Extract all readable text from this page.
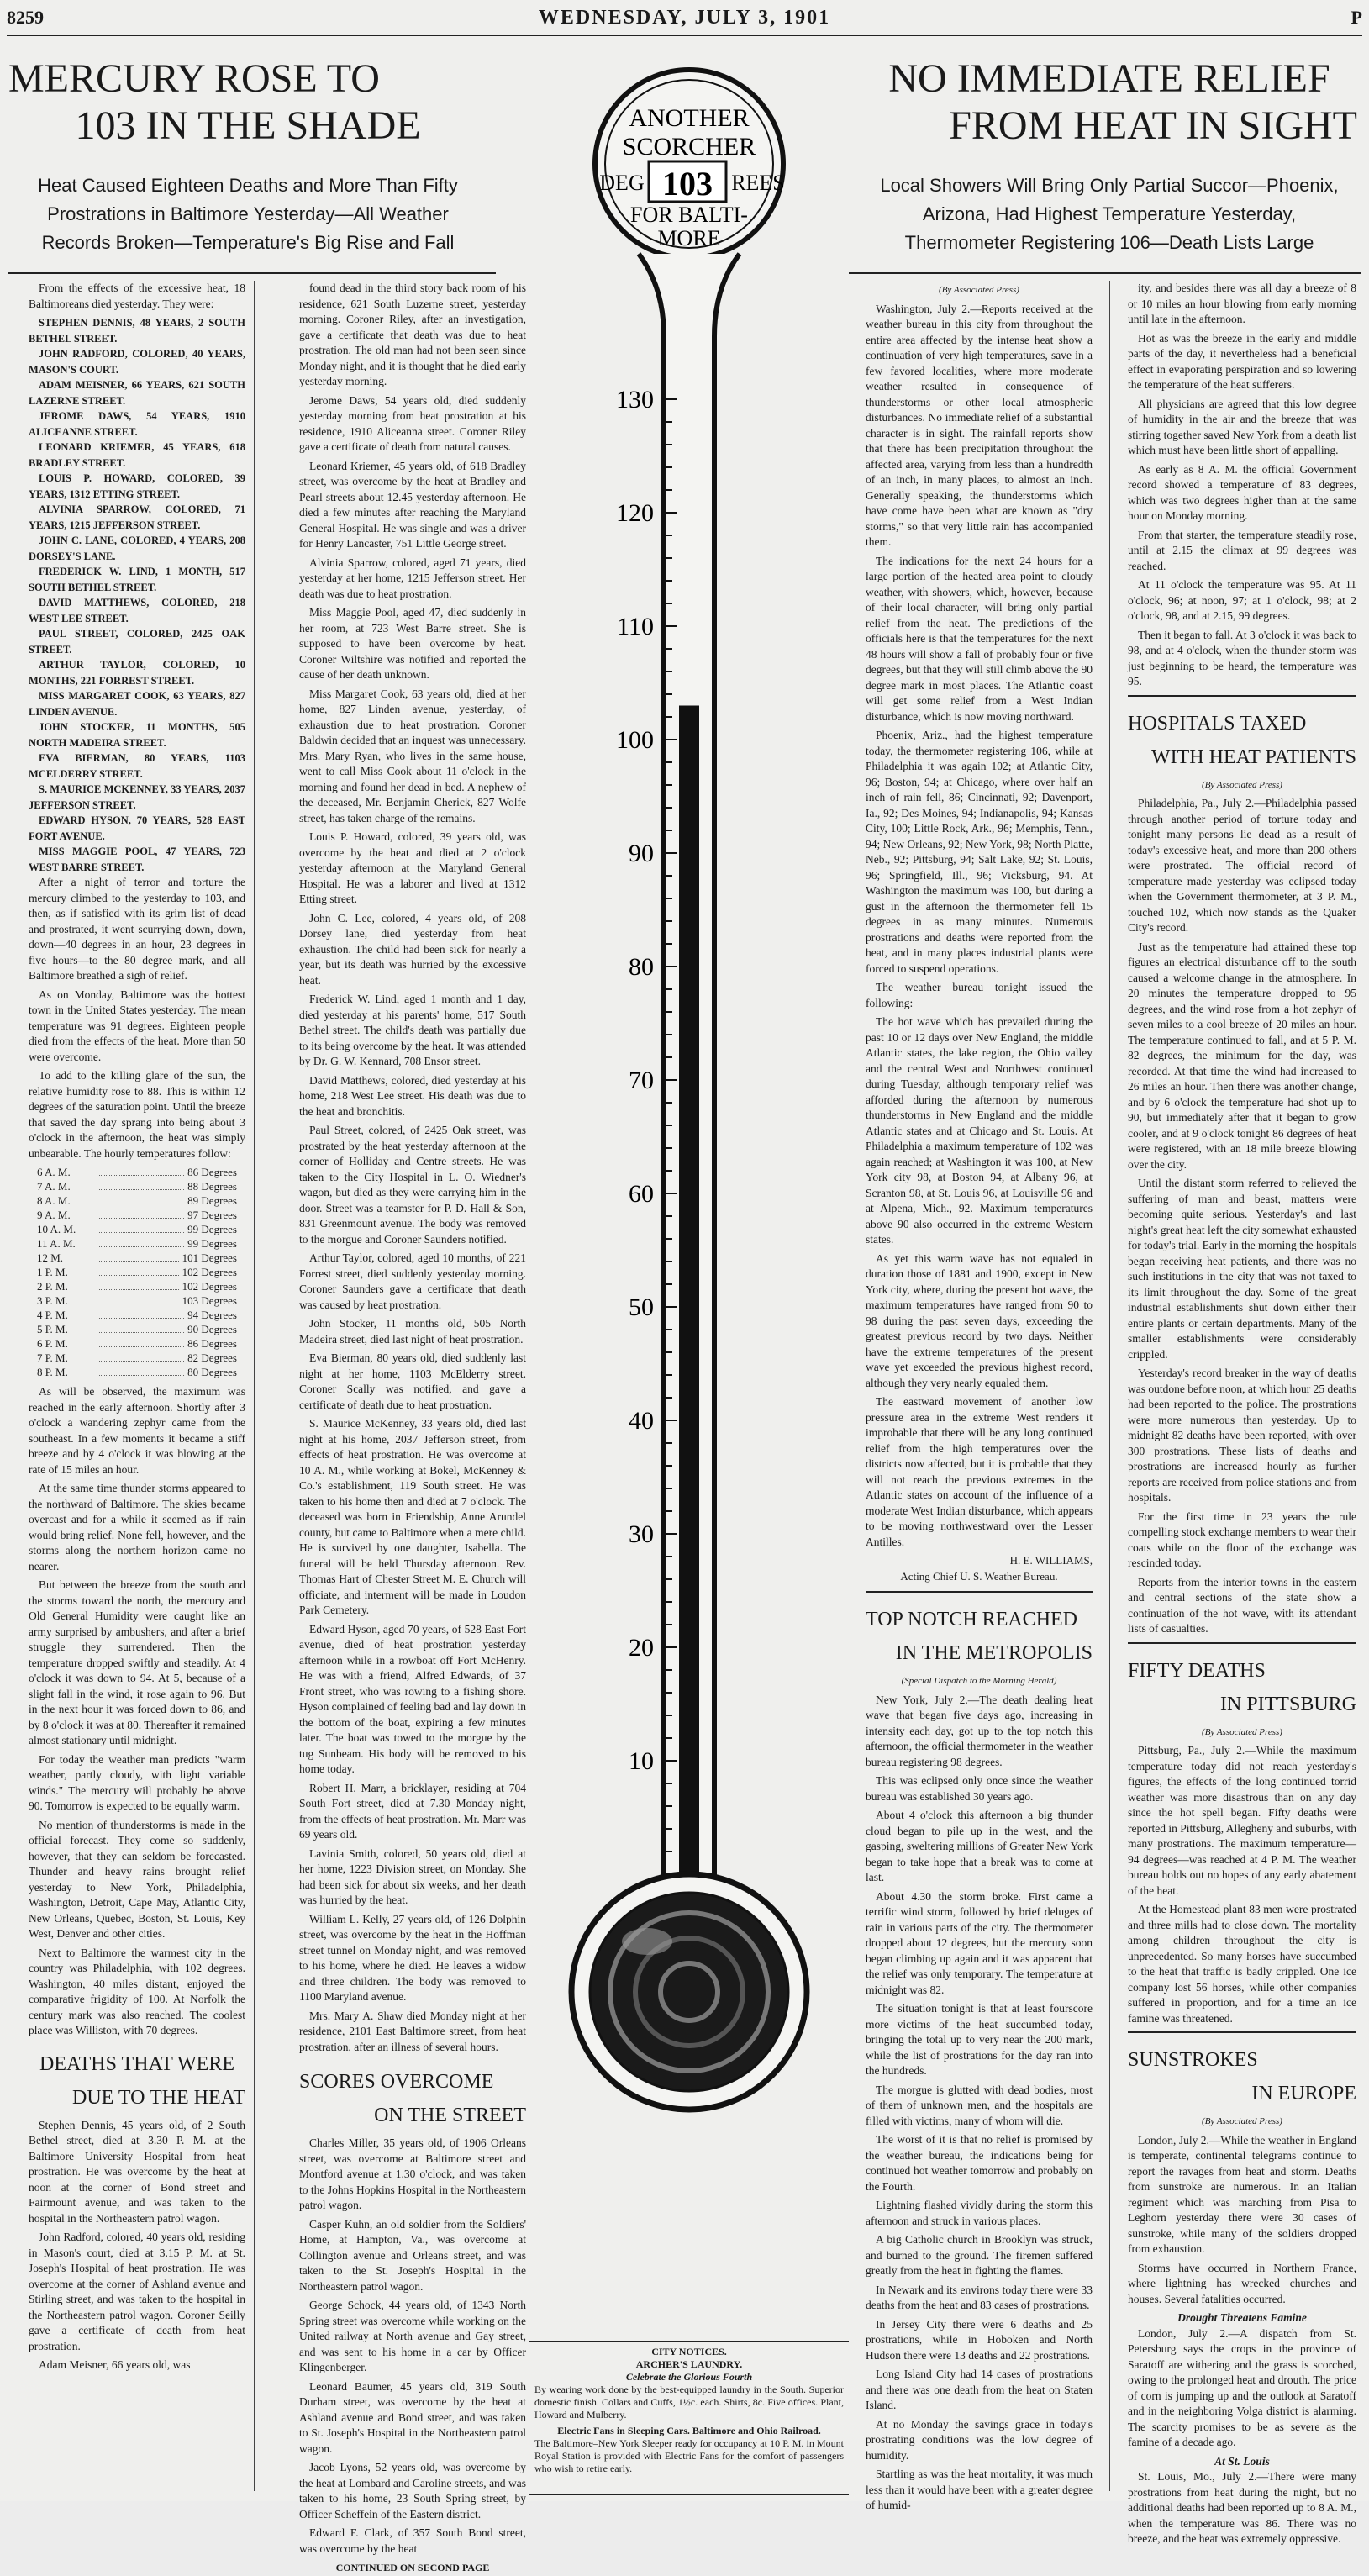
8259	WEDNESDAY, JULY 3, 1901	P
MERCURY ROSE TO
103 IN THE SHADE
Heat Caused Eighteen Deaths and More Than Fifty Prostrations in Baltimore Yesterday—All Weather Records Broken—Temperature's Big Rise and Fall
NO IMMEDIATE RELIEF
FROM HEAT IN SIGHT
Local Showers Will Bring Only Partial Succor—Phoenix, Arizona, Had Highest Temperature Yesterday, Thermometer Registering 106—Death Lists Large

From the effects of the excessive heat, 18 Baltimoreans died yesterday. They were:

STEPHEN DENNIS, 48 YEARS, 2 SOUTH BETHEL STREET.

JOHN RADFORD, COLORED, 40 YEARS, MASON'S COURT.

ADAM MEISNER, 66 YEARS, 621 SOUTH LAZERNE STREET.

JEROME DAWS, 54 YEARS, 1910 ALICEANNE STREET.

LEONARD KRIEMER, 45 YEARS, 618 BRADLEY STREET.

LOUIS P. HOWARD, COLORED, 39 YEARS, 1312 ETTING STREET.

ALVINIA SPARROW, COLORED, 71 YEARS, 1215 JEFFERSON STREET.

JOHN C. LANE, COLORED, 4 YEARS, 208 DORSEY'S LANE.

FREDERICK W. LIND, 1 MONTH, 517 SOUTH BETHEL STREET.

DAVID MATTHEWS, COLORED, 218 WEST LEE STREET.

PAUL STREET, COLORED, 2425 OAK STREET.

ARTHUR TAYLOR, COLORED, 10 MONTHS, 221 FORREST STREET.

MISS MARGARET COOK, 63 YEARS, 827 LINDEN AVENUE.

JOHN STOCKER, 11 MONTHS, 505 NORTH MADEIRA STREET.

EVA BIERMAN, 80 YEARS, 1103 MCELDERRY STREET.

S. MAURICE MCKENNEY, 33 YEARS, 2037 JEFFERSON STREET.

EDWARD HYSON, 70 YEARS, 528 EAST FORT AVENUE.

MISS MAGGIE POOL, 47 YEARS, 723 WEST BARRE STREET.

After a night of terror and torture the mercury climbed to the yesterday to 103, and then, as if satisfied with its grim list of dead and prostrated, it went scurrying down, down, down—40 degrees in an hour, 23 degrees in five hours—to the 80 degree mark, and all Baltimore breathed a sigh of relief.

As on Monday, Baltimore was the hottest town in the United States yesterday. The mean temperature was 91 degrees. Eighteen people died from the effects of the heat. More than 50 were overcome.

To add to the killing glare of the sun, the relative humidity rose to 88. This is within 12 degrees of the saturation point. Until the breeze that saved the day sprang into being about 3 o'clock in the afternoon, the heat was simply unbearable. The hourly temperatures follow:

6 A. M.	86 Degrees
7 A. M.	88 Degrees
8 A. M.	89 Degrees
9 A. M.	97 Degrees
10 A. M.	99 Degrees
11 A. M.	99 Degrees
12 M.	101 Degrees
1 P. M.	102 Degrees
2 P. M.	102 Degrees
3 P. M.	103 Degrees
4 P. M.	94 Degrees
5 P. M.	90 Degrees
6 P. M.	86 Degrees
7 P. M.	82 Degrees
8 P. M.	80 Degrees

As will be observed, the maximum was reached in the early afternoon. Shortly after 3 o'clock a wandering zephyr came from the southeast. In a few moments it became a stiff breeze and by 4 o'clock it was blowing at the rate of 15 miles an hour.

At the same time thunder storms appeared to the northward of Baltimore. The skies became overcast and for a while it seemed as if rain would bring relief. None fell, however, and the storms along the northern horizon came no nearer.

But between the breeze from the south and the storms toward the north, the mercury and Old General Humidity were caught like an army surprised by ambushers, and after a brief struggle they surrendered. Then the temperature dropped swiftly and steadily. At 4 o'clock it was down to 94. At 5, because of a slight fall in the wind, it rose again to 96. But in the next hour it was forced down to 86, and by 8 o'clock it was at 80. Thereafter it remained almost stationary until midnight.

For today the weather man predicts "warm weather, partly cloudy, with light variable winds." The mercury will probably be above 90. Tomorrow is expected to be equally warm.

No mention of thunderstorms is made in the official forecast. They come so suddenly, however, that they can seldom be forecasted. Thunder and heavy rains brought relief yesterday to New York, Philadelphia, Washington, Detroit, Cape May, Atlantic City, New Orleans, Quebec, Boston, St. Louis, Key West, Denver and other cities.

Next to Baltimore the warmest city in the country was Philadelphia, with 102 degrees. Washington, 40 miles distant, enjoyed the comparative frigidity of 100. At Norfolk the century mark was also reached. The coolest place was Williston, with 70 degrees.

DEATHS THAT WERE
DUE TO THE HEAT

Stephen Dennis, 45 years old, of 2 South Bethel street, died at 3.30 P. M. at the Baltimore University Hospital from heat prostration. He was overcome by the heat at noon at the corner of Bond street and Fairmount avenue, and was taken to the hospital in the Northeastern patrol wagon.

John Radford, colored, 40 years old, residing in Mason's court, died at 3.15 P. M. at St. Joseph's Hospital of heat prostration. He was overcome at the corner of Ashland avenue and Stirling street, and was taken to the hospital in the Northeastern patrol wagon. Coroner Seilly gave a certificate of death from heat prostration.

Adam Meisner, 66 years old, was

found dead in the third story back room of his residence, 621 South Luzerne street, yesterday morning. Coroner Riley, after an investigation, gave a certificate that death was due to heat prostration. The old man had not been seen since Monday night, and it is thought that he died early yesterday morning.

Jerome Daws, 54 years old, died suddenly yesterday morning from heat prostration at his residence, 1910 Aliceanna street. Coroner Riley gave a certificate of death from natural causes.

Leonard Kriemer, 45 years old, of 618 Bradley street, was overcome by the heat at Bradley and Pearl streets about 12.45 yesterday afternoon. He died a few minutes after reaching the Maryland General Hospital. He was single and was a driver for Henry Lancaster, 751 Little George street.

Alvinia Sparrow, colored, aged 71 years, died yesterday at her home, 1215 Jefferson street. Her death was due to heat prostration.

Miss Maggie Pool, aged 47, died suddenly in her room, at 723 West Barre street. She is supposed to have been overcome by heat. Coroner Wiltshire was notified and reported the cause of her death unknown.

Miss Margaret Cook, 63 years old, died at her home, 827 Linden avenue, yesterday, of exhaustion due to heat prostration. Coroner Baldwin decided that an inquest was unnecessary. Mrs. Mary Ryan, who lives in the same house, went to call Miss Cook about 11 o'clock in the morning and found her dead in bed. A nephew of the deceased, Mr. Benjamin Cherick, 827 Wolfe street, has taken charge of the remains.

Louis P. Howard, colored, 39 years old, was overcome by the heat and died at 2 o'clock yesterday afternoon at the Maryland General Hospital. He was a laborer and lived at 1312 Etting street.

John C. Lee, colored, 4 years old, of 208 Dorsey lane, died yesterday from heat exhaustion. The child had been sick for nearly a year, but its death was hurried by the excessive heat.

Frederick W. Lind, aged 1 month and 1 day, died yesterday at his parents' home, 517 South Bethel street. The child's death was partially due to its being overcome by the heat. It was attended by Dr. G. W. Kennard, 708 Ensor street.

David Matthews, colored, died yesterday at his home, 218 West Lee street. His death was due to the heat and bronchitis.

Paul Street, colored, of 2425 Oak street, was prostrated by the heat yesterday afternoon at the corner of Holliday and Centre streets. He was taken to the City Hospital in L. O. Wiedner's wagon, but died as they were carrying him in the door. Street was a teamster for P. D. Hall & Son, 831 Greenmount avenue. The body was removed to the morgue and Coroner Saunders notified.

Arthur Taylor, colored, aged 10 months, of 221 Forrest street, died suddenly yesterday morning. Coroner Saunders gave a certificate that death was caused by heat prostration.

John Stocker, 11 months old, 505 North Madeira street, died last night of heat prostration.

Eva Bierman, 80 years old, died suddenly last night at her home, 1103 McElderry street. Coroner Scally was notified, and gave a certificate of death due to heat prostration.

S. Maurice McKenney, 33 years old, died last night at his home, 2037 Jefferson street, from effects of heat prostration. He was overcome at 10 A. M., while working at Bokel, McKenney & Co.'s establishment, 119 South street. He was taken to his home then and died at 7 o'clock. The deceased was born in Friendship, Anne Arundel county, but came to Baltimore when a mere child. He is survived by one daughter, Isabella. The funeral will be held Thursday afternoon. Rev. Thomas Hart of Chester Street M. E. Church will officiate, and interment will be made in Loudon Park Cemetery.

Edward Hyson, aged 70 years, of 528 East Fort avenue, died of heat prostration yesterday afternoon while in a rowboat off Fort McHenry. He was with a friend, Alfred Edwards, of 37 Front street, who was rowing to a fishing shore. Hyson complained of feeling bad and lay down in the bottom of the boat, expiring a few minutes later. The boat was towed to the morgue by the tug Sunbeam. His body will be removed to his home today.

Robert H. Marr, a bricklayer, residing at 704 South Fort street, died at 7.30 Monday night, from the effects of heat prostration. Mr. Marr was 69 years old.

Lavinia Smith, colored, 50 years old, died at her home, 1223 Division street, on Monday. She had been sick for about six weeks, and her death was hurried by the heat.

William L. Kelly, 27 years old, of 126 Dolphin street, was overcome by the heat in the Hoffman street tunnel on Monday night, and was removed to his home, where he died. He leaves a widow and three children. The body was removed to 1100 Maryland avenue.

Mrs. Mary A. Shaw died Monday night at her residence, 2101 East Baltimore street, from heat prostration, after an illness of several hours.

SCORES OVERCOME
ON THE STREET

Charles Miller, 35 years old, of 1906 Orleans street, was overcome at Baltimore street and Montford avenue at 1.30 o'clock, and was taken to the Johns Hopkins Hospital in the Northeastern patrol wagon.

Casper Kuhn, an old soldier from the Soldiers' Home, at Hampton, Va., was overcome at Collington avenue and Orleans street, and was taken to the St. Joseph's Hospital in the Northeastern patrol wagon.

George Schock, 44 years old, of 1343 North Spring street was overcome while working on the United railway at North avenue and Gay street, and was sent to his home in a car by Officer Klingenberger.

Leonard Baumer, 45 years old, 319 South Durham street, was overcome by the heat at Ashland avenue and Bond street, and was taken to St. Joseph's Hospital in the Northeastern patrol wagon.

Jacob Lyons, 52 years old, was overcome by the heat at Lombard and Caroline streets, and was taken to his home, 23 South Spring street, by Officer Scheffein of the Eastern district.

Edward F. Clark, of 357 South Bond street, was overcome by the heat

CONTINUED ON SECOND PAGE
ANOTHER
SCORCHER
DEG 103 REES
FOR BALTI-
MORE
130
120
110
100
90
80
70
60
50
40
30
20
10
CITY NOTICES.
ARCHER'S LAUNDRY.
Celebrate the Glorious Fourth
By wearing work done by the best-equipped laundry in the South. Superior domestic finish. Collars and Cuffs, 1½c. each. Shirts, 8c. Five offices. Plant, Howard and Mulberry.
Electric Fans in Sleeping Cars. Baltimore and Ohio Railroad.
The Baltimore–New York Sleeper ready for occupancy at 10 P. M. in Mount Royal Station is provided with Electric Fans for the comfort of passengers who wish to retire early.
(By Associated Press)

Washington, July 2.—Reports received at the weather bureau in this city from throughout the entire area affected by the intense heat show a continuation of very high temperatures, save in a few favored localities, where more moderate weather resulted in consequence of thunderstorms or other local atmospheric disturbances. No immediate relief of a substantial character is in sight. The rainfall reports show that there has been precipitation throughout the affected area, varying from less than a hundredth of an inch, in many places, to almost an inch. Generally speaking, the thunderstorms which have come have been what are known as "dry storms," so that very little rain has accompanied them.

The indications for the next 24 hours for a large portion of the heated area point to cloudy weather, with showers, which, however, because of their local character, will bring only partial relief from the heat. The predictions of the officials here is that the temperatures for the next 48 hours will show a fall of probably four or five degrees, but that they will still climb above the 90 degree mark in most places. The Atlantic coast will get some relief from a West Indian disturbance, which is now moving northward.

Phoenix, Ariz., had the highest temperature today, the thermometer registering 106, while at Philadelphia it was again 102; at Atlantic City, 96; Boston, 94; at Chicago, where over half an inch of rain fell, 86; Cincinnati, 92; Davenport, Ia., 92; Des Moines, 94; Indianapolis, 94; Kansas City, 100; Little Rock, Ark., 96; Memphis, Tenn., 94; New Orleans, 92; New York, 98; North Platte, Neb., 92; Pittsburg, 94; Salt Lake, 92; St. Louis, 96; Springfield, Ill., 96; Vicksburg, 94. At Washington the maximum was 100, but during a gust in the afternoon the thermometer fell 15 degrees in as many minutes. Numerous prostrations and deaths were reported from the heat, and in many places industrial plants were forced to suspend operations.

The weather bureau tonight issued the following:

The hot wave which has prevailed during the past 10 or 12 days over New England, the middle Atlantic states, the lake region, the Ohio valley and the central West and Northwest continued during Tuesday, although temporary relief was afforded during the afternoon by numerous thunderstorms in New England and the middle Atlantic states and at Chicago and St. Louis. At Philadelphia a maximum temperature of 102 was again reached; at Washington it was 100, at New York city 98, at Boston 94, at Albany 96, at Scranton 98, at St. Louis 96, at Louisville 96 and at Alpena, Mich., 92. Maximum temperatures above 90 also occurred in the extreme Western states.

As yet this warm wave has not equaled in duration those of 1881 and 1900, except in New York city, where, during the present hot wave, the maximum temperatures have ranged from 90 to 98 during the past seven days, exceeding the greatest previous record by two days. Neither have the extreme temperatures of the present wave yet exceeded the previous highest record, although they very nearly equaled them.

The eastward movement of another low pressure area in the extreme West renders it improbable that there will be any long continued relief from the high temperatures over the districts now affected, but it is probable that they will not reach the previous extremes in the Atlantic states on account of the influence of a moderate West Indian disturbance, which appears to be moving northwestward over the Lesser Antilles.

H. E. WILLIAMS,
Acting Chief U. S. Weather Bureau.
TOP NOTCH REACHED
IN THE METROPOLIS
(Special Dispatch to the Morning Herald)

New York, July 2.—The death dealing heat wave that began five days ago, increasing in intensity each day, got up to the top notch this afternoon, the official thermometer in the weather bureau registering 98 degrees.

This was eclipsed only once since the weather bureau was established 30 years ago.

About 4 o'clock this afternoon a big thunder cloud began to pile up in the west, and the gasping, sweltering millions of Greater New York began to take hope that a break was to come at last.

About 4.30 the storm broke. First came a terrific wind storm, followed by brief deluges of rain in various parts of the city. The thermometer dropped about 12 degrees, but the mercury soon began climbing up again and it was apparent that the relief was only temporary. The temperature at midnight was 82.

The situation tonight is that at least fourscore more victims of the heat succumbed today, bringing the total up to very near the 200 mark, while the list of prostrations for the day ran into the hundreds.

The morgue is glutted with dead bodies, most of them of unknown men, and the hospitals are filled with victims, many of whom will die.

The worst of it is that no relief is promised by the weather bureau, the indications being for continued hot weather tomorrow and probably on the Fourth.

Lightning flashed vividly during the storm this afternoon and struck in various places.

A big Catholic church in Brooklyn was struck, and burned to the ground. The firemen suffered greatly from the heat in fighting the flames.

In Newark and its environs today there were 33 deaths from the heat and 83 cases of prostrations.

In Jersey City there were 6 deaths and 25 prostrations, while in Hoboken and North Hudson there were 13 deaths and 22 prostrations.

Long Island City had 14 cases of prostrations and there was one death from the heat on Staten Island.

At no Monday the savings grace in today's prostrating conditions was the low degree of humidity.

Startling as was the heat mortality, it was much less than it would have been with a greater degree of humid-

ity, and besides there was all day a breeze of 8 or 10 miles an hour blowing from early morning until late in the afternoon.

Hot as was the breeze in the early and middle parts of the day, it nevertheless had a beneficial effect in evaporating perspiration and so lowering the temperature of the heat sufferers.

All physicians are agreed that this low degree of humidity in the air and the breeze that was stirring together saved New York from a death list which must have been little short of appalling.

As early as 8 A. M. the official Government record showed a temperature of 83 degrees, which was two degrees higher than at the same hour on Monday morning.

From that starter, the temperature steadily rose, until at 2.15 the climax at 99 degrees was reached.

At 11 o'clock the temperature was 95. At 11 o'clock, 96; at noon, 97; at 1 o'clock, 98; at 2 o'clock, 98, and at 2.15, 99 degrees.

Then it began to fall. At 3 o'clock it was back to 98, and at 4 o'clock, when the thunder storm was just beginning to be heard, the temperature was 95.

HOSPITALS TAXED
WITH HEAT PATIENTS
(By Associated Press)

Philadelphia, Pa., July 2.—Philadelphia passed through another period of torture today and tonight many persons lie dead as a result of today's excessive heat, and more than 200 others were prostrated. The official record of temperature made yesterday was eclipsed today when the Government thermometer, at 3 P. M., touched 102, which now stands as the Quaker City's record.

Just as the temperature had attained these top figures an electrical disturbance off to the south caused a welcome change in the atmosphere. In 20 minutes the temperature dropped to 95 degrees, and the wind rose from a hot zephyr of seven miles to a cool breeze of 20 miles an hour. The temperature continued to fall, and at 5 P. M. 82 degrees, the minimum for the day, was recorded. At that time the wind had increased to 26 miles an hour. Then there was another change, and by 6 o'clock the temperature had shot up to 90, but immediately after that it began to grow cooler, and at 9 o'clock tonight 86 degrees of heat were registered, with an 18 mile breeze blowing over the city.

Until the distant storm referred to relieved the suffering of man and beast, matters were becoming quite serious. Yesterday's and last night's great heat left the city somewhat exhausted for today's trial. Early in the morning the hospitals began receiving heat patients, and there was no such institutions in the city that was not taxed to its limit throughout the day. Some of the great industrial establishments shut down either their entire plants or certain departments. Many of the smaller establishments were considerably crippled.

Yesterday's record breaker in the way of deaths was outdone before noon, at which hour 25 deaths had been reported to the police. The prostrations were more numerous than yesterday. Up to midnight 82 deaths have been reported, with over 300 prostrations. These lists of deaths and prostrations are increased hourly as further reports are received from police stations and from hospitals.

For the first time in 23 years the rule compelling stock exchange members to wear their coats while on the floor of the exchange was rescinded today.

Reports from the interior towns in the eastern and central sections of the state show a continuation of the hot wave, with its attendant lists of casualties.

FIFTY DEATHS
IN PITTSBURG
(By Associated Press)

Pittsburg, Pa., July 2.—While the maximum temperature today did not reach yesterday's figures, the effects of the long continued torrid weather was more disastrous than on any day since the hot spell began. Fifty deaths were reported in Pittsburg, Allegheny and suburbs, with many prostrations. The maximum temperature—94 degrees—was reached at 4 P. M. The weather bureau holds out no hopes of any early abatement of the heat.

At the Homestead plant 83 men were prostrated and three mills had to close down. The mortality among children throughout the city is unprecedented. So many horses have succumbed to the heat that traffic is badly crippled. One ice company lost 56 horses, while other companies suffered in proportion, and for a time an ice famine was threatened.

SUNSTROKES
IN EUROPE
(By Associated Press)

London, July 2.—While the weather in England is temperate, continental telegrams continue to report the ravages from heat and storm. Deaths from sunstroke are numerous. In an Italian regiment which was marching from Pisa to Leghorn yesterday there were 30 cases of sunstroke, while many of the soldiers dropped from exhaustion.

Storms have occurred in Northern France, where lightning has wrecked churches and houses. Several fatalities occurred.

Drought Threatens Famine

London, July 2.—A dispatch from St. Petersburg says the crops in the province of Saratoff are withering and the grass is scorched, owing to the prolonged heat and drouth. The price of corn is jumping up and the outlook at Saratoff and in the neighboring Volga district is alarming. The scarcity promises to be as severe as the famine of a decade ago.

At St. Louis

St. Louis, Mo., July 2.—There were many prostrations from heat during the night, but no additional deaths had been reported up to 8 A. M., when the temperature was 86. There was no breeze, and the heat was extremely oppressive.
